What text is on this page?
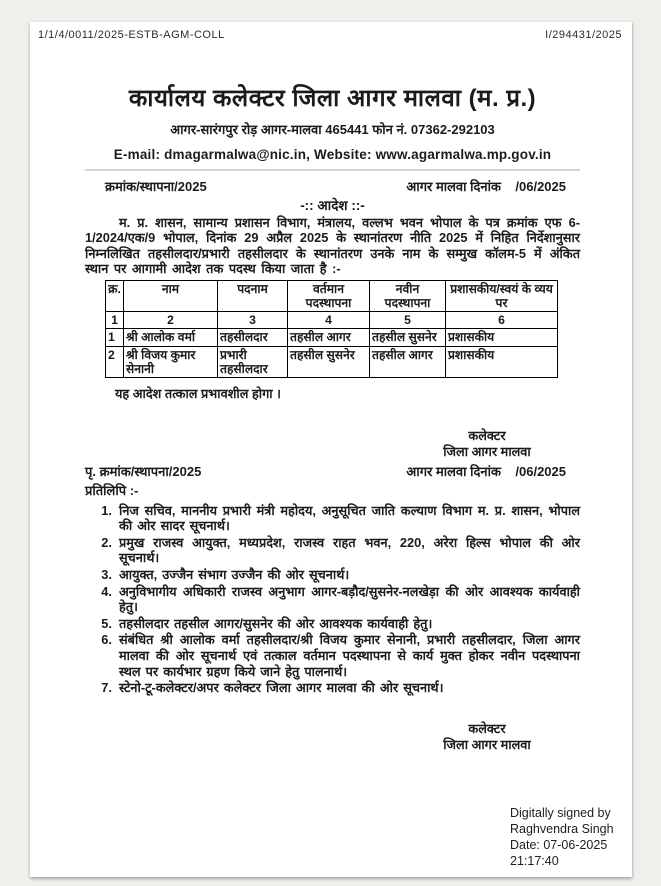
1/1/4/0011/2025-ESTB-AGM-COLL	I/294431/2025
कार्यालय कलेक्टर जिला आगर मालवा (म. प्र.)
आगर-सारंगपुर रोड़ आगर-मालवा 465441 फोन नं. 07362-292103
E-mail: dmagarmalwa@nic.in, Website: www.agarmalwa.mp.gov.in
क्रमांक/स्थापना/2025	आगर मालवा दिनांक    /06/2025
-:: आदेश ::-
म. प्र. शासन, सामान्य प्रशासन विभाग, मंत्रालय, वल्लभ भवन भोपाल के पत्र क्रमांक एफ 6-1/2024/एक/9 भोपाल, दिनांक 29 अप्रैल 2025 के स्थानांतरण नीति 2025 में निहित निर्देशानुसार निम्नलिखित तहसीलदार/प्रभारी तहसीलदार के स्थानांतरण उनके नाम के सम्मुख कॉलम-5 में अंकित स्थान पर आगामी आदेश तक पदस्थ किया जाता है :-
क्र.	नाम	पदनाम	वर्तमान पदस्थापना	नवीन पदस्थापना	प्रशासकीय/स्वयं के व्यय पर
1	2	3	4	5	6
1	श्री आलोक वर्मा	तहसीलदार	तहसील आगर	तहसील सुसनेर	प्रशासकीय
2	श्री विजय कुमार सेनानी	प्रभारी तहसीलदार	तहसील सुसनेर	तहसील आगर	प्रशासकीय
यह आदेश तत्काल प्रभावशील होगा ।
कलेक्टर
जिला आगर मालवा
पृ. क्रमांक/स्थापना/2025	आगर मालवा दिनांक    /06/2025
प्रतिलिपि :-
1. निज सचिव, माननीय प्रभारी मंत्री महोदय, अनुसूचित जाति कल्याण विभाग म. प्र. शासन, भोपाल की ओर सादर सूचनार्थ।
2. प्रमुख राजस्व आयुक्त, मध्यप्रदेश, राजस्व राहत भवन, 220, अरेरा हिल्स भोपाल की ओर सूचनार्थ।
3. आयुक्त, उज्जैन संभाग उज्जैन की ओर सूचनार्थ।
4. अनुविभागीय अधिकारी राजस्व अनुभाग आगर-बड़ौद/सुसनेर-नलखेड़ा की ओर आवश्यक कार्यवाही हेतु।
5. तहसीलदार तहसील आगर/सुसनेर की ओर आवश्यक कार्यवाही हेतु।
6. संबंधित श्री आलोक वर्मा तहसीलदार/श्री विजय कुमार सेनानी, प्रभारी तहसीलदार, जिला आगर मालवा की ओर सूचनार्थ एवं तत्काल वर्तमान पदस्थापना से कार्य मुक्त होकर नवीन पदस्थापना स्थल पर कार्यभार ग्रहण किये जाने हेतु पालनार्थ।
7. स्टेनो-टू-कलेक्टर/अपर कलेक्टर जिला आगर मालवा की ओर सूचनार्थ।
कलेक्टर
जिला आगर मालवा
Digitally signed by
Raghvendra Singh
Date: 07-06-2025
21:17:40
